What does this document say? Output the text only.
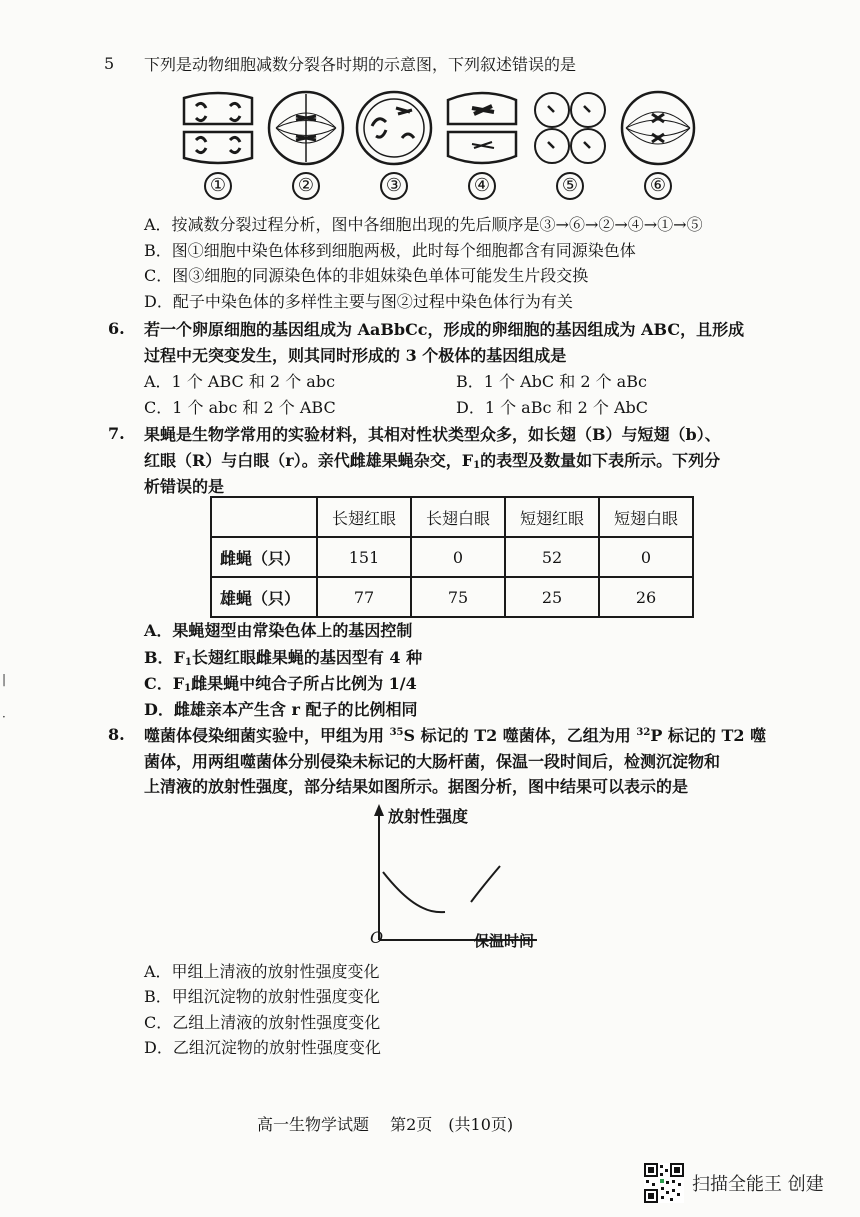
5 下列是动物细胞减数分裂各时期的示意图，下列叙述错误的是
①	②	③	④	⑤	⑥
A．按减数分裂过程分析，图中各细胞出现的先后顺序是③→⑥→②→④→①→⑤
B．图①细胞中染色体移到细胞两极，此时每个细胞都含有同源染色体
C．图③细胞的同源染色体的非姐妹染色单体可能发生片段交换
D．配子中染色体的多样性主要与图②过程中染色体行为有关
6. 若一个卵原细胞的基因组成为 AaBbCc，形成的卵细胞的基因组成为 ABC，且形成
过程中无突变发生，则其同时形成的 3 个极体的基因组成是
A．1 个 ABC 和 2 个 abc	B．1 个 AbC 和 2 个 aBc
C．1 个 abc 和 2 个 ABC	D．1 个 aBc 和 2 个 AbC
7. 果蝇是生物学常用的实验材料，其相对性状类型众多，如长翅（B）与短翅（b）、
红眼（R）与白眼（r）。亲代雌雄果蝇杂交，$F_1$的表型及数量如下表所示。下列分
析错误的是
	长翅红眼	长翅白眼	短翅红眼	短翅白眼
雌蝇（只）	151	0	52	0
雄蝇（只）	77	75	25	26
A．果蝇翅型由常染色体上的基因控制
B．$F_1$长翅红眼雌果蝇的基因型有 4 种
C．$F_1$雌果蝇中纯合子所占比例为 1/4
D．雌雄亲本产生含 r 配子的比例相同
8. 噬菌体侵染细菌实验中，甲组为用 $^{35}$S 标记的 T2 噬菌体，乙组为用 $^{32}$P 标记的 T2 噬
菌体，用两组噬菌体分别侵染未标记的大肠杆菌，保温一段时间后，检测沉淀物和
上清液的放射性强度，部分结果如图所示。据图分析，图中结果可以表示的是
放射性强度
O	保温时间
A．甲组上清液的放射性强度变化
B．甲组沉淀物的放射性强度变化
C．乙组上清液的放射性强度变化
D．乙组沉淀物的放射性强度变化
高一生物学试题　 第2页　(共10页)
扫描全能王 创建
|
·
